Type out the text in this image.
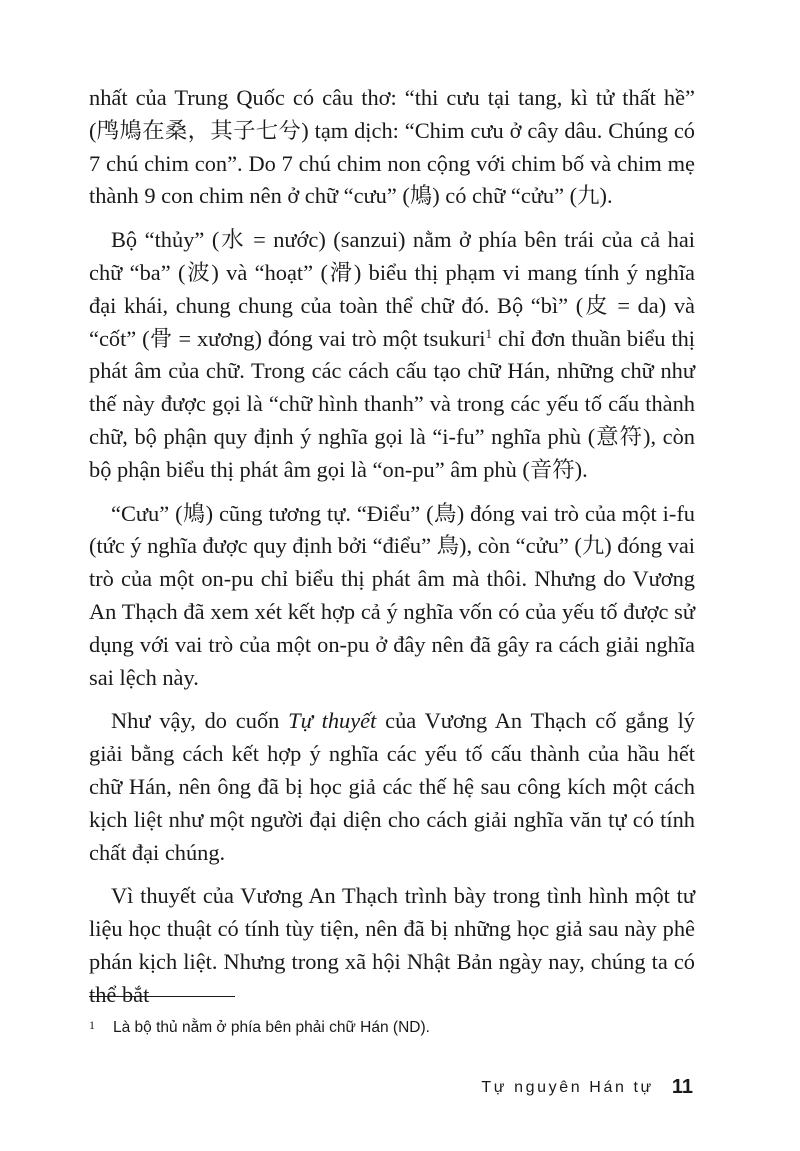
nhất của Trung Quốc có câu thơ: “thi cưu tại tang, kì tử thất hề” (鸤鳩在桑，其子七兮) tạm dịch: “Chim cưu ở cây dâu. Chúng có 7 chú chim con”. Do 7 chú chim non cộng với chim bố và chim mẹ thành 9 con chim nên ở chữ “cưu” (鳩) có chữ “cửu” (九).

Bộ “thủy” (水 = nước) (sanzui) nằm ở phía bên trái của cả hai chữ “ba” (波) và “hoạt” (滑) biểu thị phạm vi mang tính ý nghĩa đại khái, chung chung của toàn thể chữ đó. Bộ “bì” (皮 = da) và “cốt” (骨 = xương) đóng vai trò một tsukuri$^1$ chỉ đơn thuần biểu thị phát âm của chữ. Trong các cách cấu tạo chữ Hán, những chữ như thế này được gọi là “chữ hình thanh” và trong các yếu tố cấu thành chữ, bộ phận quy định ý nghĩa gọi là “i-fu” nghĩa phù (意符), còn bộ phận biểu thị phát âm gọi là “on-pu” âm phù (音符).

“Cưu” (鳩) cũng tương tự. “Điểu” (鳥) đóng vai trò của một i-fu (tức ý nghĩa được quy định bởi “điểu” 鳥), còn “cửu” (九) đóng vai trò của một on-pu chỉ biểu thị phát âm mà thôi. Nhưng do Vương An Thạch đã xem xét kết hợp cả ý nghĩa vốn có của yếu tố được sử dụng với vai trò của một on-pu ở đây nên đã gây ra cách giải nghĩa sai lệch này.

Như vậy, do cuốn Tự thuyết của Vương An Thạch cố gắng lý giải bằng cách kết hợp ý nghĩa các yếu tố cấu thành của hầu hết chữ Hán, nên ông đã bị học giả các thế hệ sau công kích một cách kịch liệt như một người đại diện cho cách giải nghĩa văn tự có tính chất đại chúng.

Vì thuyết của Vương An Thạch trình bày trong tình hình một tư liệu học thuật có tính tùy tiện, nên đã bị những học giả sau này phê phán kịch liệt. Nhưng trong xã hội Nhật Bản ngày nay, chúng ta có thể bắt

1 Là bộ thủ nằm ở phía bên phải chữ Hán (ND).
Tự nguyên Hán tự 11
